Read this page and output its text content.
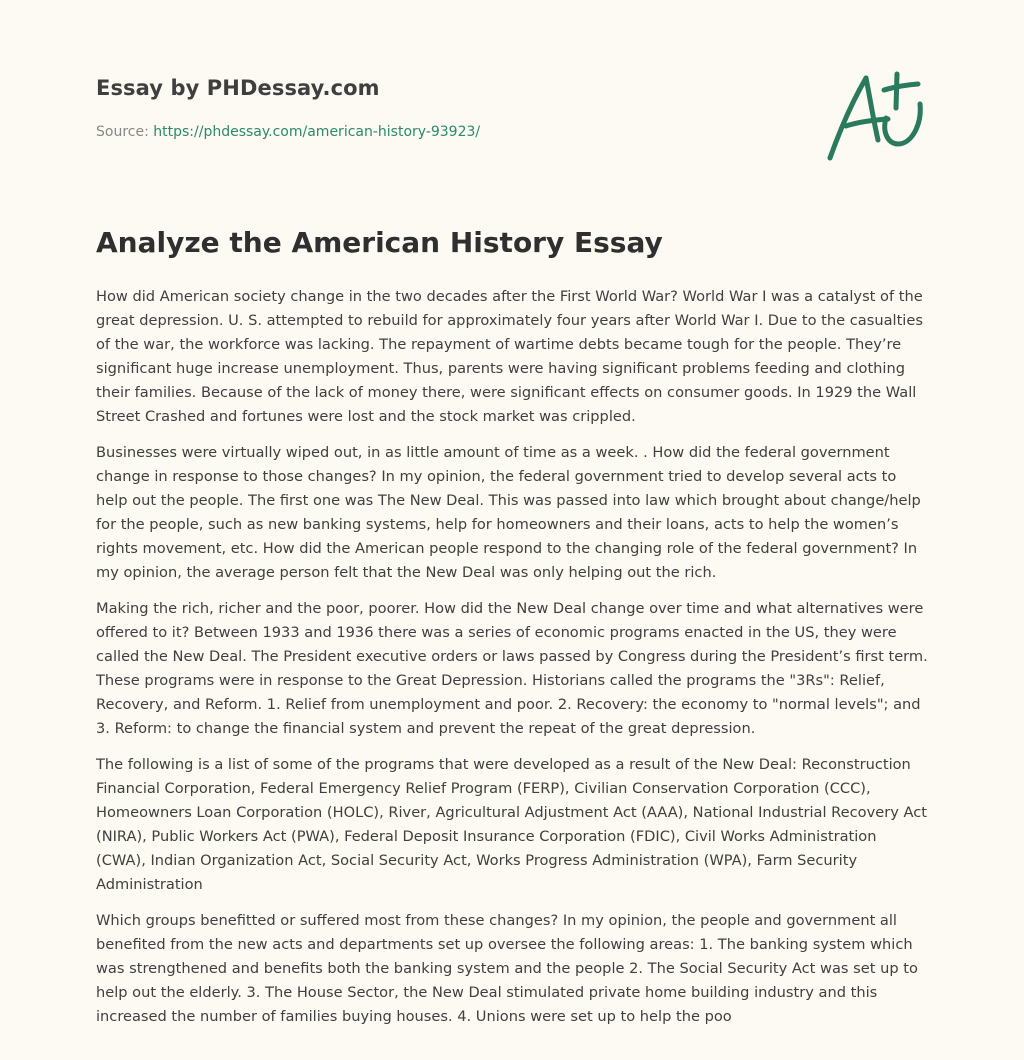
Essay by PHDessay.com

Source: https://phdessay.com/american-history-93923/

Analyze the American History Essay

How did American society change in the two decades after the First World War? World War I was a catalyst of the great depression. U. S. attempted to rebuild for approximately four years after World War I. Due to the casualties of the war, the workforce was lacking. The repayment of wartime debts became tough for the people. They’re significant huge increase unemployment. Thus, parents were having significant problems feeding and clothing their families. Because of the lack of money there, were significant effects on consumer goods. In 1929 the Wall Street Crashed and fortunes were lost and the stock market was crippled.

Businesses were virtually wiped out, in as little amount of time as a week. . How did the federal government change in response to those changes? In my opinion, the federal government tried to develop several acts to help out the people. The first one was The New Deal. This was passed into law which brought about change/help for the people, such as new banking systems, help for homeowners and their loans, acts to help the women’s rights movement, etc. How did the American people respond to the changing role of the federal government? In my opinion, the average person felt that the New Deal was only helping out the rich.

Making the rich, richer and the poor, poorer. How did the New Deal change over time and what alternatives were offered to it? Between 1933 and 1936 there was a series of economic programs enacted in the US, they were called the New Deal. The President executive orders or laws passed by Congress during the President’s first term. These programs were in response to the Great Depression. Historians called the programs the "3Rs": Relief, Recovery, and Reform. 1. Relief from unemployment and poor. 2. Recovery: the economy to "normal levels"; and 3. Reform: to change the financial system and prevent the repeat of the great depression.

The following is a list of some of the programs that were developed as a result of the New Deal: Reconstruction Financial Corporation, Federal Emergency Relief Program (FERP), Civilian Conservation Corporation (CCC), Homeowners Loan Corporation (HOLC), River, Agricultural Adjustment Act (AAA), National Industrial Recovery Act (NIRA), Public Workers Act (PWA), Federal Deposit Insurance Corporation (FDIC), Civil Works Administration (CWA), Indian Organization Act, Social Security Act, Works Progress Administration (WPA), Farm Security Administration

Which groups benefitted or suffered most from these changes? In my opinion, the people and government all benefited from the new acts and departments set up oversee the following areas: 1. The banking system which was strengthened and benefits both the banking system and the people 2. The Social Security Act was set up to help out the elderly. 3. The House Sector, the New Deal stimulated private home building industry and this increased the number of families buying houses. 4. Unions were set up to help the poo
